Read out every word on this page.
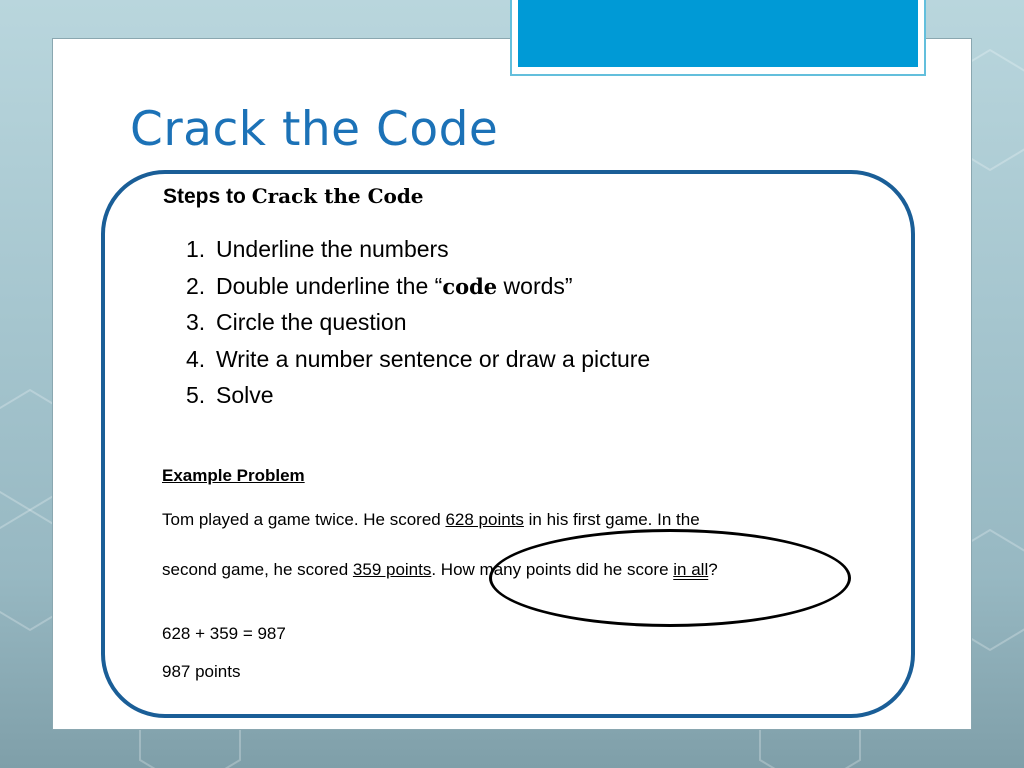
Crack the Code
Steps to Crack the Code
1. Underline the numbers
2. Double underline the “code words”
3. Circle the question
4. Write a number sentence or draw a picture
5. Solve
Example Problem
Tom played a game twice. He scored 628 points in his first game. In the
second game, he scored 359 points. How many points did he score in all?
628 + 359 = 987
987 points
